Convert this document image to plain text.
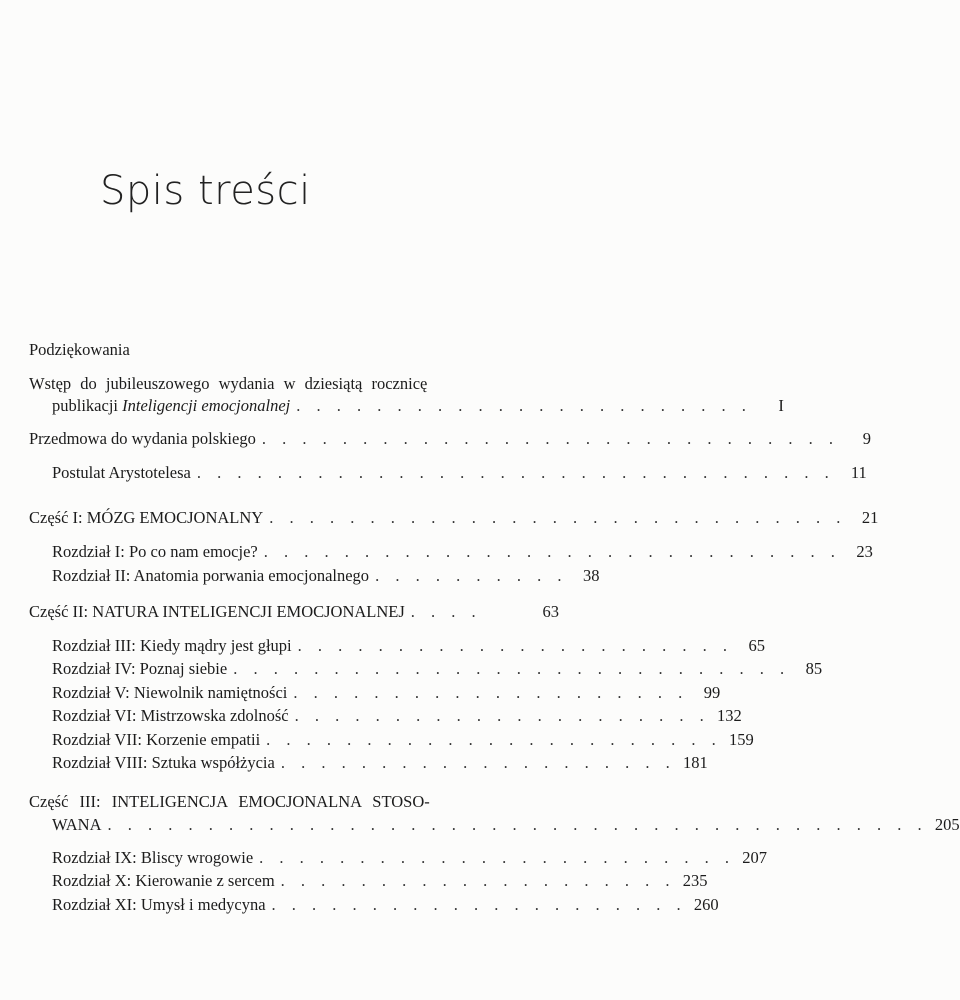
Spis treści
Podziękowania
Wstęp do jubileuszowego wydania w dziesiątą rocznicę
publikacji Inteligencji emocjonalnej . . . . . . . . . . . . . . . . . . . . . . .	I
Przedmowa do wydania polskiego . . . . . . . . . . . . . . . . . . . . . . . . . . . . .	9
Postulat Arystotelesa . . . . . . . . . . . . . . . . . . . . . . . . . . . . . . . . 11
Część I: MÓZG EMOCJONALNY . . . . . . . . . . . . . . . . . . . . . . . . . . . . . 21
Rozdział I: Po co nam emocje? . . . . . . . . . . . . . . . . . . . . . . . . . . . . . 23
Rozdział II: Anatomia porwania emocjonalnego . . . . . . . . . . 38
Część II: NATURA INTELIGENCJI EMOCJONALNEJ . . . .	63
Rozdział III: Kiedy mądry jest głupi . . . . . . . . . . . . . . . . . . . . . . 65
Rozdział IV: Poznaj siebie . . . . . . . . . . . . . . . . . . . . . . . . . . . . 85
Rozdział V: Niewolnik namiętności . . . . . . . . . . . . . . . . . . . . 99
Rozdział VI: Mistrzowska zdolność . . . . . . . . . . . . . . . . . . . . . 132
Rozdział VII: Korzenie empatii . . . . . . . . . . . . . . . . . . . . . . . 159
Rozdział VIII: Sztuka współżycia . . . . . . . . . . . . . . . . . . . . 181
Część III: INTELIGENCJA EMOCJONALNA STOSO-
WANA . . . . . . . . . . . . . . . . . . . . . . . . . . . . . . . . . . . . . . . . . 205
Rozdział IX: Bliscy wrogowie . . . . . . . . . . . . . . . . . . . . . . . . 207
Rozdział X: Kierowanie z sercem . . . . . . . . . . . . . . . . . . . . 235
Rozdział XI: Umysł i medycyna . . . . . . . . . . . . . . . . . . . . . 260
